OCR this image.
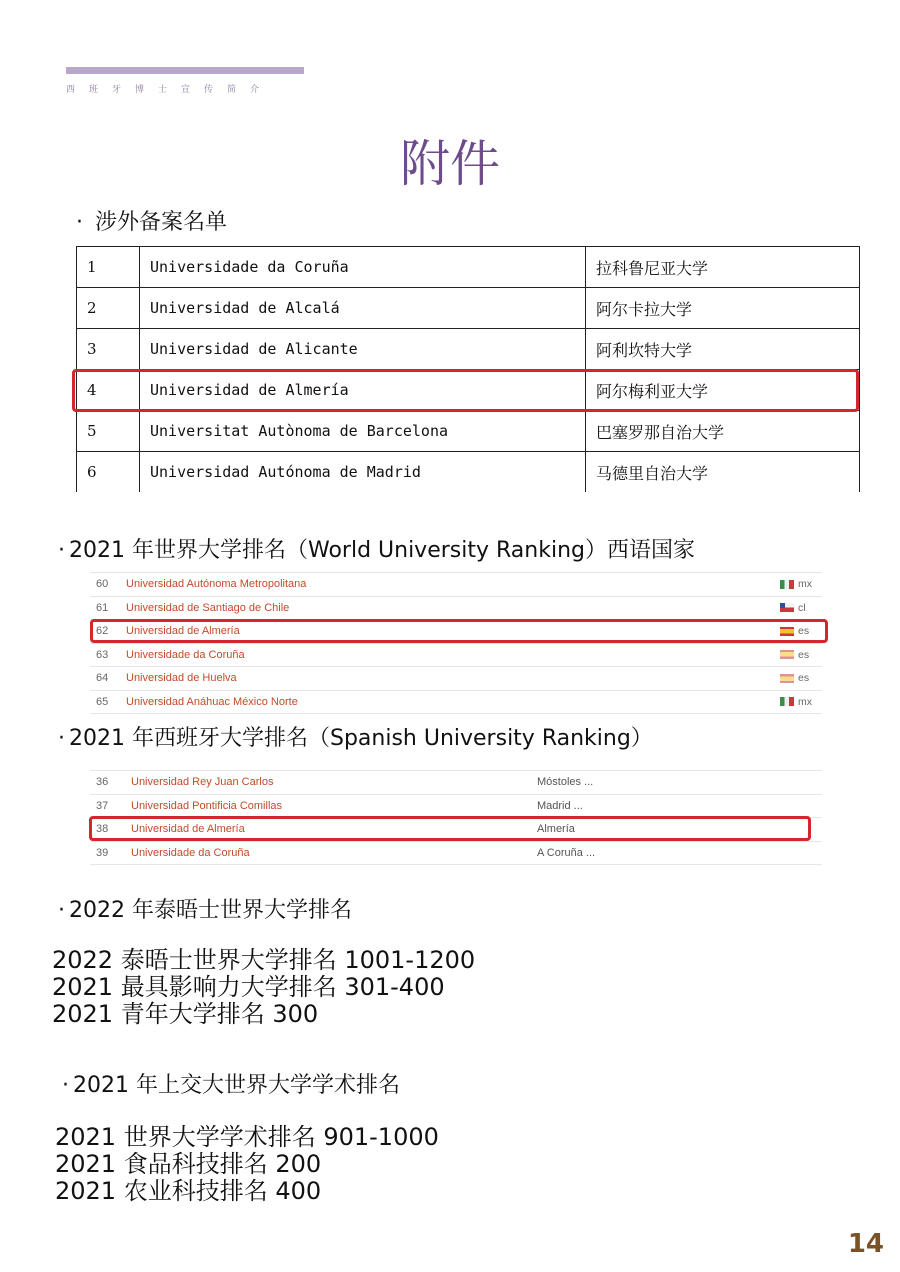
西班牙博士宣传简介
附件
· 涉外备案名单
1	Universidade da Coruña	拉科鲁尼亚大学
2	Universidad de Alcalá	阿尔卡拉大学
3	Universidad de Alicante	阿利坎特大学
4	Universidad de Almería	阿尔梅利亚大学
5	Universitat Autònoma de Barcelona	巴塞罗那自治大学
6	Universidad Autónoma de Madrid	马德里自治大学
· 2021 年世界大学排名（World University Ranking）西语国家
60	Universidad Autónoma Metropolitana	mx
61	Universidad de Santiago de Chile	cl
62	Universidad de Almería	es
63	Universidade da Coruña	es
64	Universidad de Huelva	es
65	Universidad Anáhuac México Norte	mx
· 2021 年西班牙大学排名（Spanish University Ranking）
36	Universidad Rey Juan Carlos	Móstoles ...
37	Universidad Pontificia Comillas	Madrid ...
38	Universidad de Almería	Almería
39	Universidade da Coruña	A Coruña ...
· 2022 年泰晤士世界大学排名
2022 泰晤士世界大学排名 1001-1200
2021 最具影响力大学排名 301-400
2021 青年大学排名 300
· 2021 年上交大世界大学学术排名
2021 世界大学学术排名 901-1000
2021 食品科技排名 200
2021 农业科技排名 400
14
